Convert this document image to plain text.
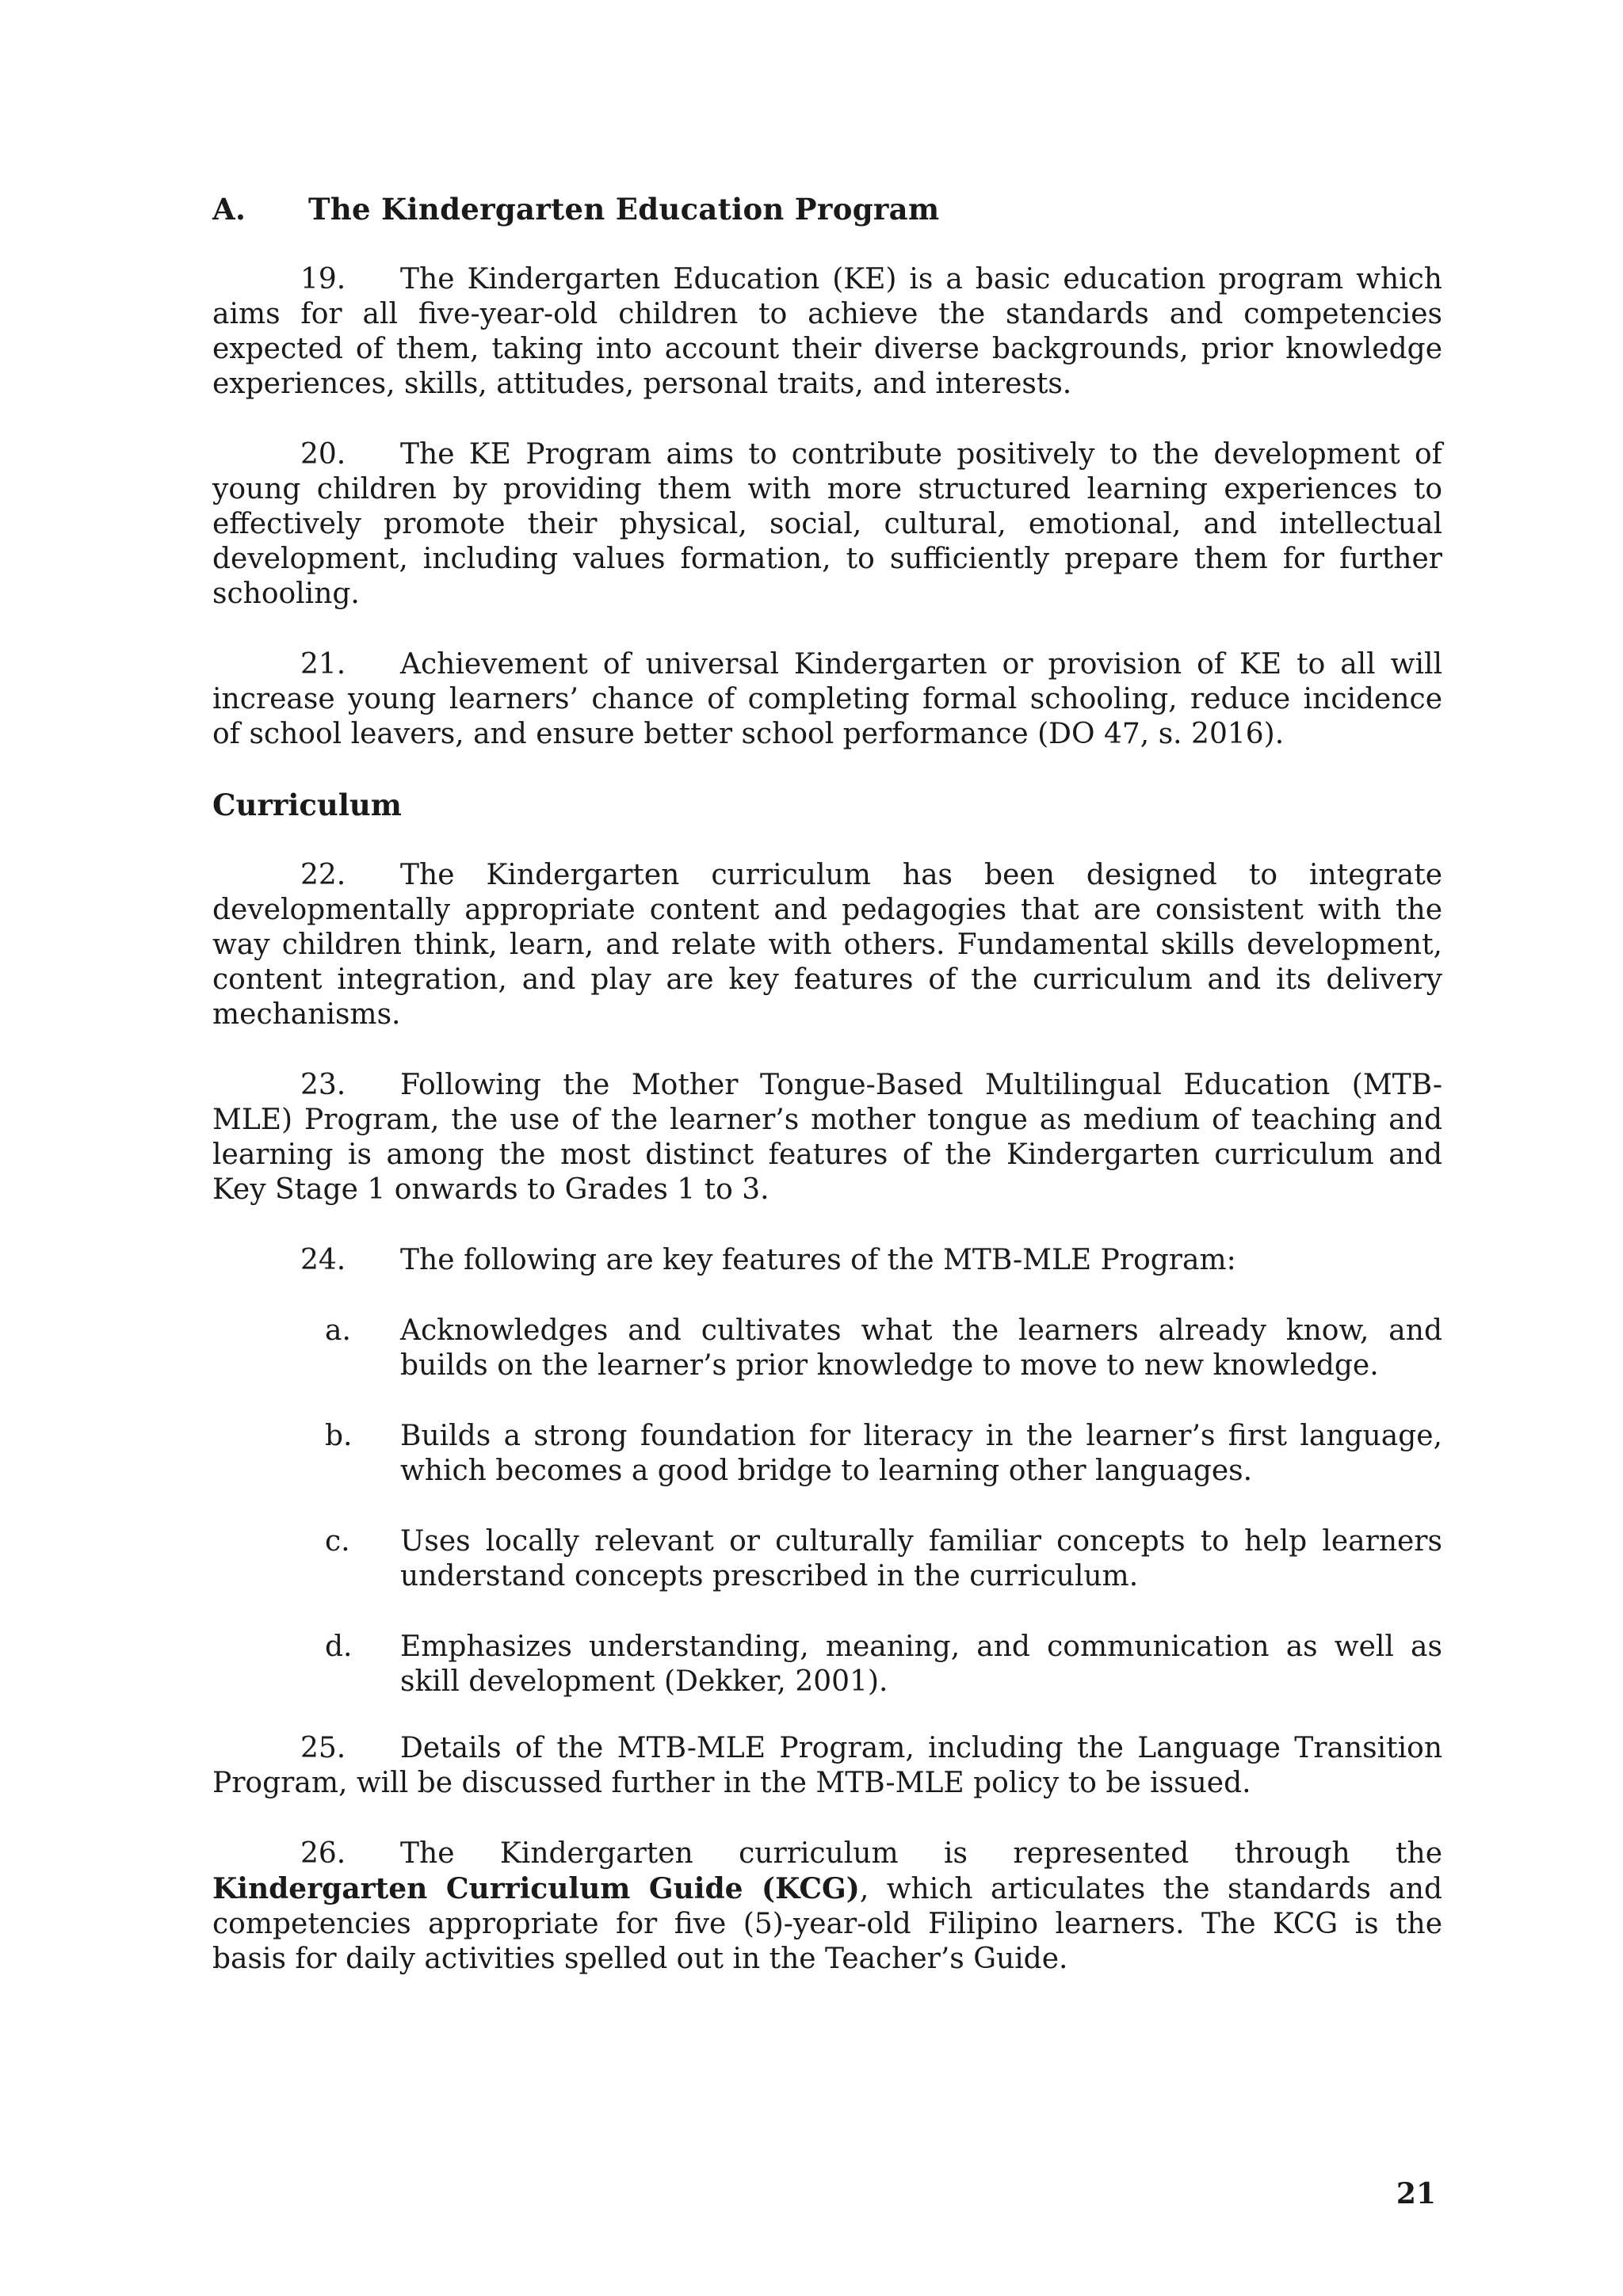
A.	The Kindergarten Education Program

19. The Kindergarten Education (KE) is a basic education program which aims for all five-year-old children to achieve the standards and competencies expected of them, taking into account their diverse backgrounds, prior knowledge experiences, skills, attitudes, personal traits, and interests.

20. The KE Program aims to contribute positively to the development of young children by providing them with more structured learning experiences to effectively promote their physical, social, cultural, emotional, and intellectual development, including values formation, to sufficiently prepare them for further schooling.

21. Achievement of universal Kindergarten or provision of KE to all will increase young learners’ chance of completing formal schooling, reduce incidence of school leavers, and ensure better school performance (DO 47, s. 2016).

Curriculum

22. The Kindergarten curriculum has been designed to integrate developmentally appropriate content and pedagogies that are consistent with the way children think, learn, and relate with others. Fundamental skills development, content integration, and play are key features of the curriculum and its delivery mechanisms.

23. Following the Mother Tongue-Based Multilingual Education (MTB-MLE) Program, the use of the learner’s mother tongue as medium of teaching and learning is among the most distinct features of the Kindergarten curriculum and Key Stage 1 onwards to Grades 1 to 3.

24.	The following are key features of the MTB-MLE Program:
a.	Acknowledges and cultivates what the learners already know, and builds on the learner’s prior knowledge to move to new knowledge.
b.	Builds a strong foundation for literacy in the learner’s first language, which becomes a good bridge to learning other languages.
c.	Uses locally relevant or culturally familiar concepts to help learners understand concepts prescribed in the curriculum.
d.	Emphasizes understanding, meaning, and communication as well as skill development (Dekker, 2001).

25. Details of the MTB-MLE Program, including the Language Transition Program, will be discussed further in the MTB-MLE policy to be issued.

26. The Kindergarten curriculum is represented through the Kindergarten Curriculum Guide (KCG), which articulates the standards and competencies appropriate for five (5)-year-old Filipino learners. The KCG is the basis for daily activities spelled out in the Teacher’s Guide.

21
